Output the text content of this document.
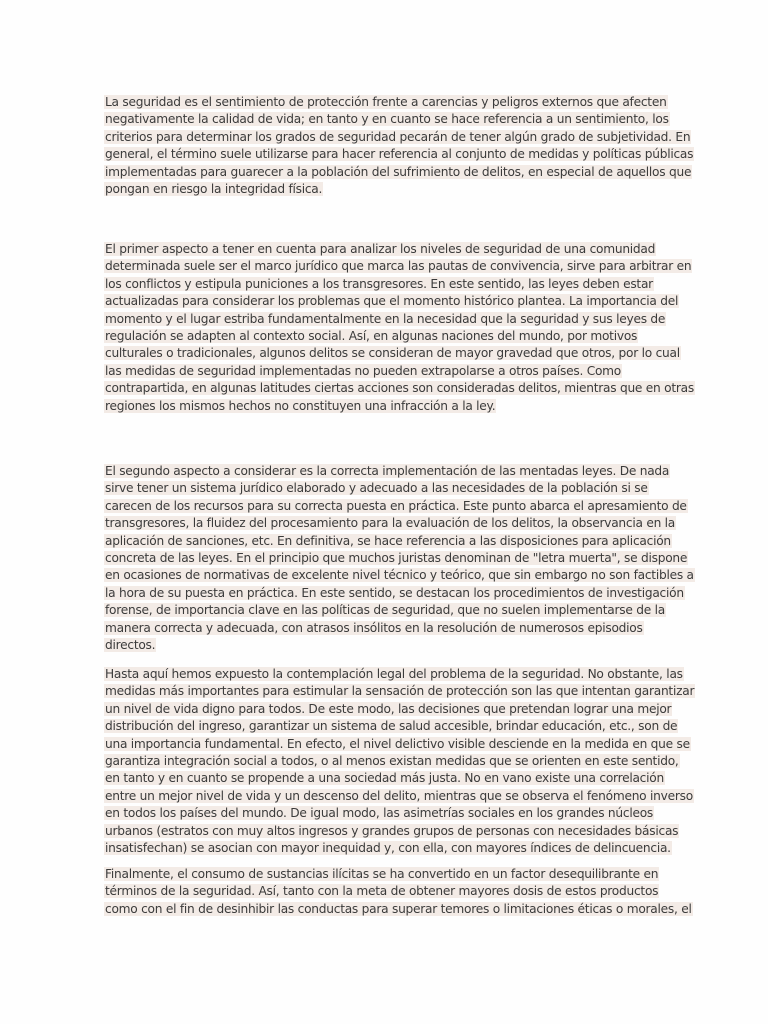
La seguridad es el sentimiento de protección frente a carencias y peligros externos que afecten
negativamente la calidad de vida; en tanto y en cuanto se hace referencia a un sentimiento, los
criterios para determinar los grados de seguridad pecarán de tener algún grado de subjetividad. En
general, el término suele utilizarse para hacer referencia al conjunto de medidas y políticas públicas
implementadas para guarecer a la población del sufrimiento de delitos, en especial de aquellos que
pongan en riesgo la integridad física.
El primer aspecto a tener en cuenta para analizar los niveles de seguridad de una comunidad
determinada suele ser el marco jurídico que marca las pautas de convivencia, sirve para arbitrar en
los conflictos y estipula puniciones a los transgresores. En este sentido, las leyes deben estar
actualizadas para considerar los problemas que el momento histórico plantea. La importancia del
momento y el lugar estriba fundamentalmente en la necesidad que la seguridad y sus leyes de
regulación se adapten al contexto social. Así, en algunas naciones del mundo, por motivos
culturales o tradicionales, algunos delitos se consideran de mayor gravedad que otros, por lo cual
las medidas de seguridad implementadas no pueden extrapolarse a otros países. Como
contrapartida, en algunas latitudes ciertas acciones son consideradas delitos, mientras que en otras
regiones los mismos hechos no constituyen una infracción a la ley.
El segundo aspecto a considerar es la correcta implementación de las mentadas leyes. De nada
sirve tener un sistema jurídico elaborado y adecuado a las necesidades de la población si se
carecen de los recursos para su correcta puesta en práctica. Este punto abarca el apresamiento de
transgresores, la fluidez del procesamiento para la evaluación de los delitos, la observancia en la
aplicación de sanciones, etc. En definitiva, se hace referencia a las disposiciones para aplicación
concreta de las leyes. En el principio que muchos juristas denominan de "letra muerta", se dispone
en ocasiones de normativas de excelente nivel técnico y teórico, que sin embargo no son factibles a
la hora de su puesta en práctica. En este sentido, se destacan los procedimientos de investigación
forense, de importancia clave en las políticas de seguridad, que no suelen implementarse de la
manera correcta y adecuada, con atrasos insólitos en la resolución de numerosos episodios
directos.
Hasta aquí hemos expuesto la contemplación legal del problema de la seguridad. No obstante, las
medidas más importantes para estimular la sensación de protección son las que intentan garantizar
un nivel de vida digno para todos. De este modo, las decisiones que pretendan lograr una mejor
distribución del ingreso, garantizar un sistema de salud accesible, brindar educación, etc., son de
una importancia fundamental. En efecto, el nivel delictivo visible desciende en la medida en que se
garantiza integración social a todos, o al menos existan medidas que se orienten en este sentido,
en tanto y en cuanto se propende a una sociedad más justa. No en vano existe una correlación
entre un mejor nivel de vida y un descenso del delito, mientras que se observa el fenómeno inverso
en todos los países del mundo. De igual modo, las asimetrías sociales en los grandes núcleos
urbanos (estratos con muy altos ingresos y grandes grupos de personas con necesidades básicas
insatisfechan) se asocian con mayor inequidad y, con ella, con mayores índices de delincuencia.
Finalmente, el consumo de sustancias ilícitas se ha convertido en un factor desequilibrante en
términos de la seguridad. Así, tanto con la meta de obtener mayores dosis de estos productos
como con el fin de desinhibir las conductas para superar temores o limitaciones éticas o morales, el
